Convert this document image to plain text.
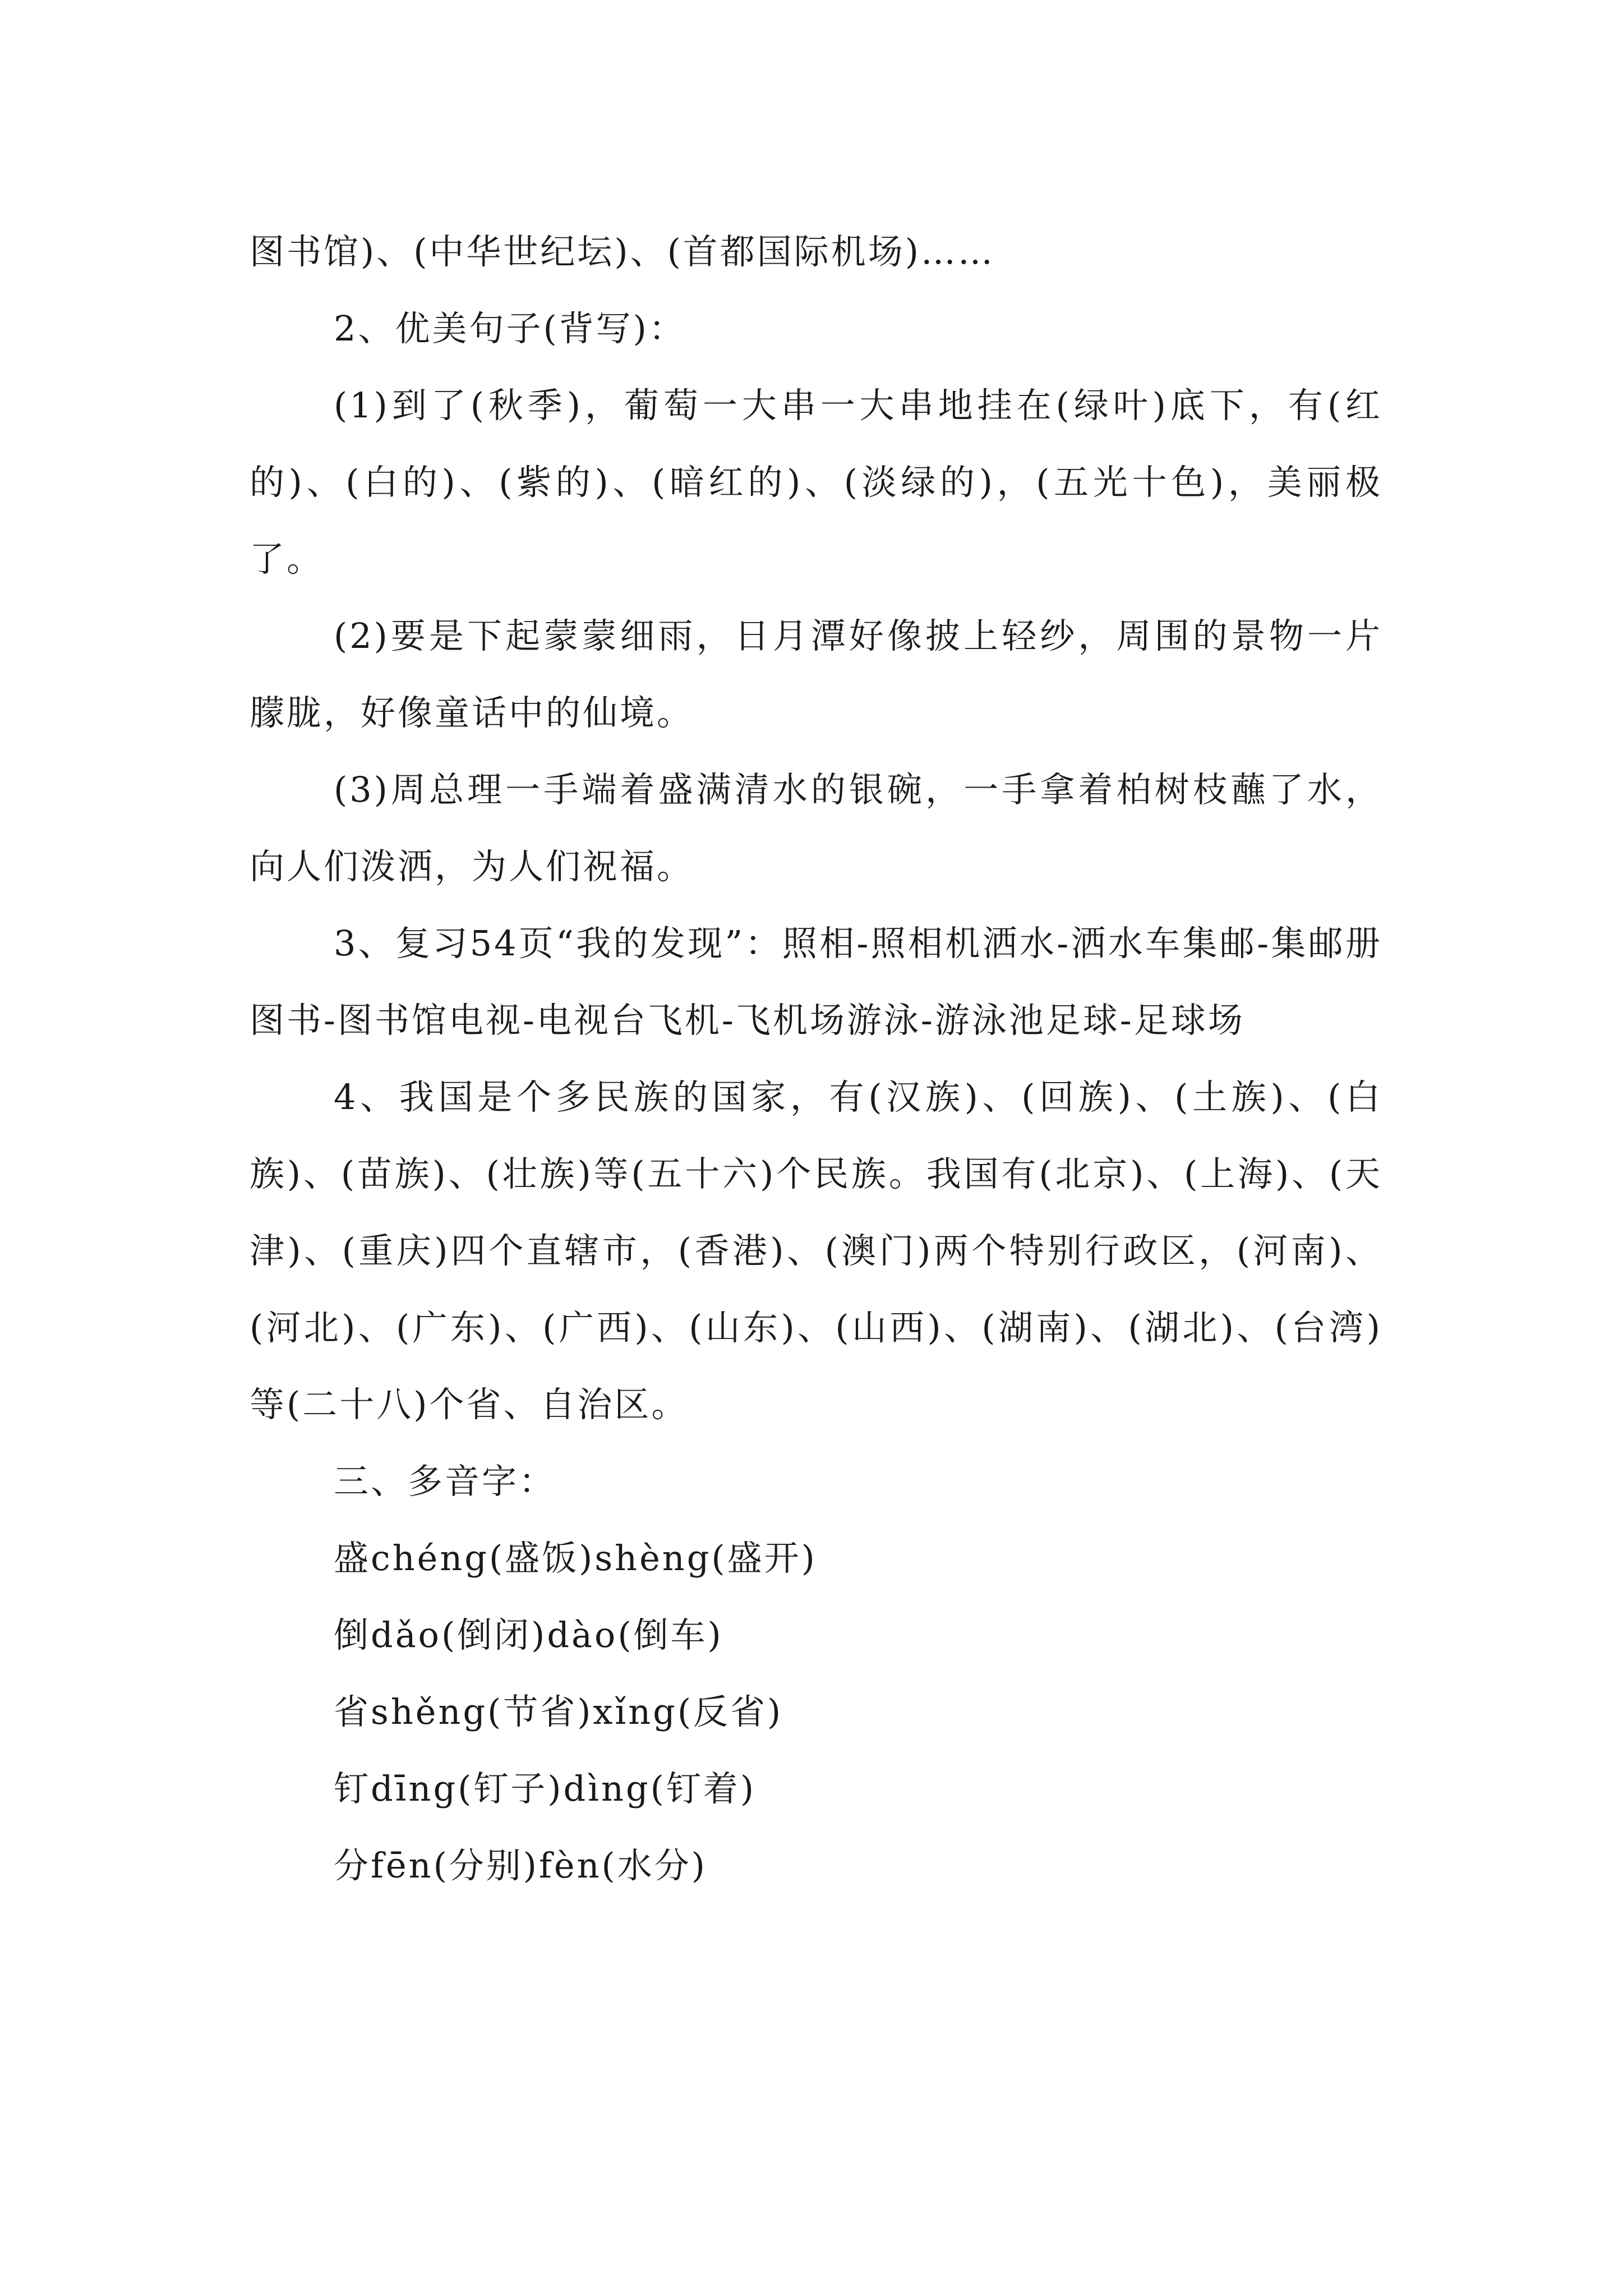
图书馆)、(中华世纪坛)、(首都国际机场)……

2、优美句子(背写)：

(1)到了(秋季)，葡萄一大串一大串地挂在(绿叶)底下，有(红的)、(白的)、(紫的)、(暗红的)、(淡绿的)，(五光十色)，美丽极了。

(2)要是下起蒙蒙细雨，日月潭好像披上轻纱，周围的景物一片朦胧，好像童话中的仙境。

(3)周总理一手端着盛满清水的银碗，一手拿着柏树枝蘸了水，向人们泼洒，为人们祝福。

3、复习54页“我的发现”：照相-照相机洒水-洒水车集邮-集邮册图书-图书馆电视-电视台飞机-飞机场游泳-游泳池足球-足球场

4、我国是个多民族的国家，有(汉族)、(回族)、(土族)、(白族)、(苗族)、(壮族)等(五十六)个民族。我国有(北京)、(上海)、(天津)、(重庆)四个直辖市，(香港)、(澳门)两个特别行政区，(河南)、(河北)、(广东)、(广西)、(山东)、(山西)、(湖南)、(湖北)、(台湾)等(二十八)个省、自治区。

三、多音字：

盛chéng(盛饭)shèng(盛开)

倒dǎo(倒闭)dào(倒车)

省shěng(节省)xǐng(反省)

钉dīng(钉子)dìng(钉着)

分fēn(分别)fèn(水分)
